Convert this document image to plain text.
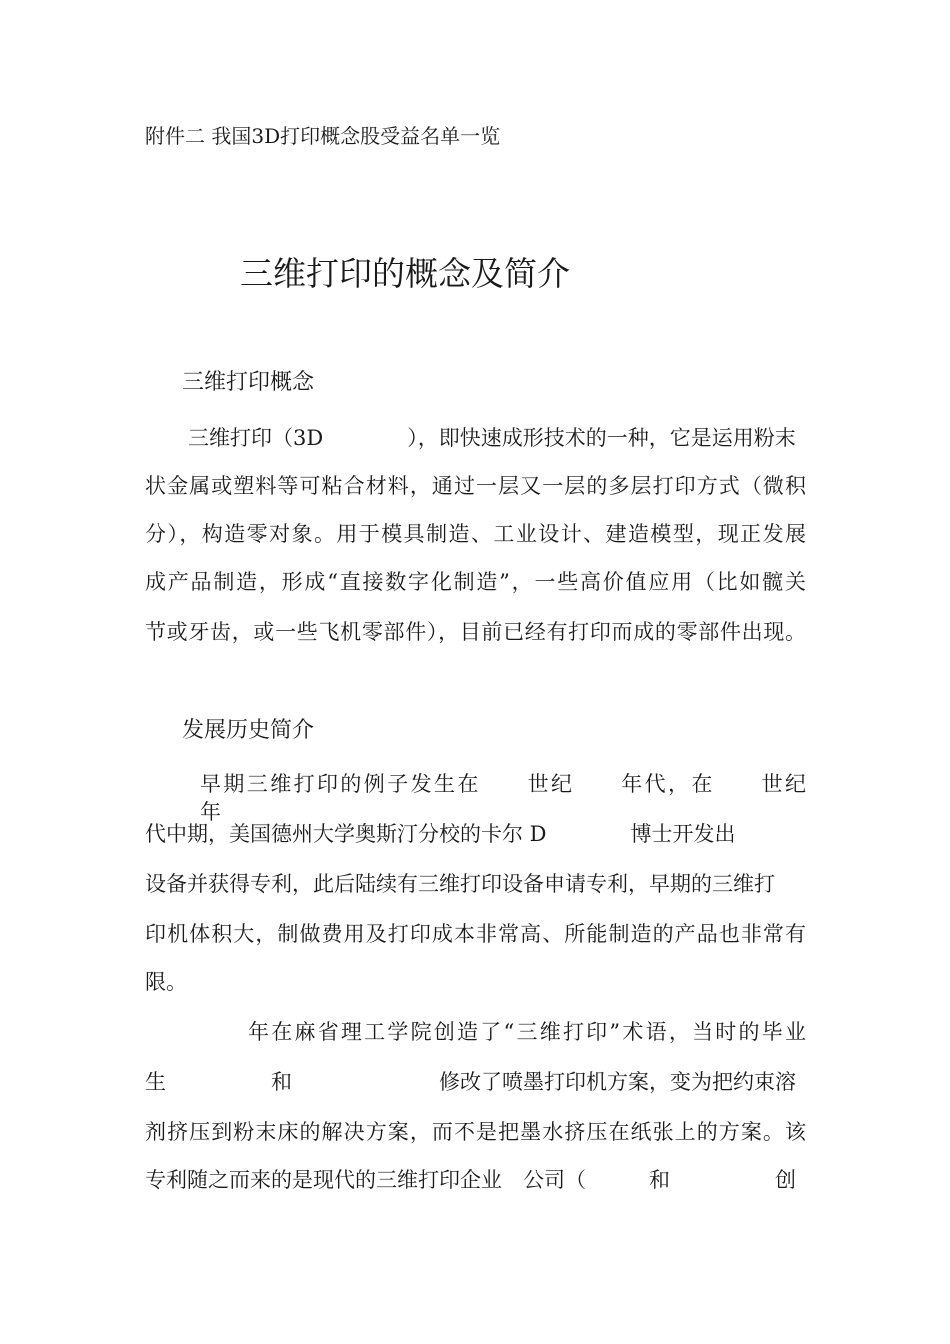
附件二 我国3D打印概念股受益名单一览
三维打印的概念及简介
三维打印概念
三维打印（3D　　　　），即快速成形技术的一种，它是运用粉末
状金属或塑料等可粘合材料，通过一层又一层的多层打印方式（微积
分），构造零对象。用于模具制造、工业设计、建造模型，现正发展
成产品制造，形成“直接数字化制造”，一些高价值应用（比如髋关
节或牙齿，或一些飞机零部件），目前已经有打印而成的零部件出现。
发展历史简介
早期三维打印的例子发生在　　世纪　　年代，在　　世纪　　年
代中期，美国德州大学奥斯汀分校的卡尔 D　　　　博士开发出
设备并获得专利，此后陆续有三维打印设备申请专利，早期的三维打
印机体积大，制做费用及打印成本非常高、所能制造的产品也非常有
限。
年在麻省理工学院创造了“三维打印”术语，当时的毕业
生　　　　　和　　　　　　　修改了喷墨打印机方案，变为把约束溶
剂挤压到粉末床的解决方案，而不是把墨水挤压在纸张上的方案。该
专利随之而来的是现代的三维打印企业　公司（　　　和　　　　　创
